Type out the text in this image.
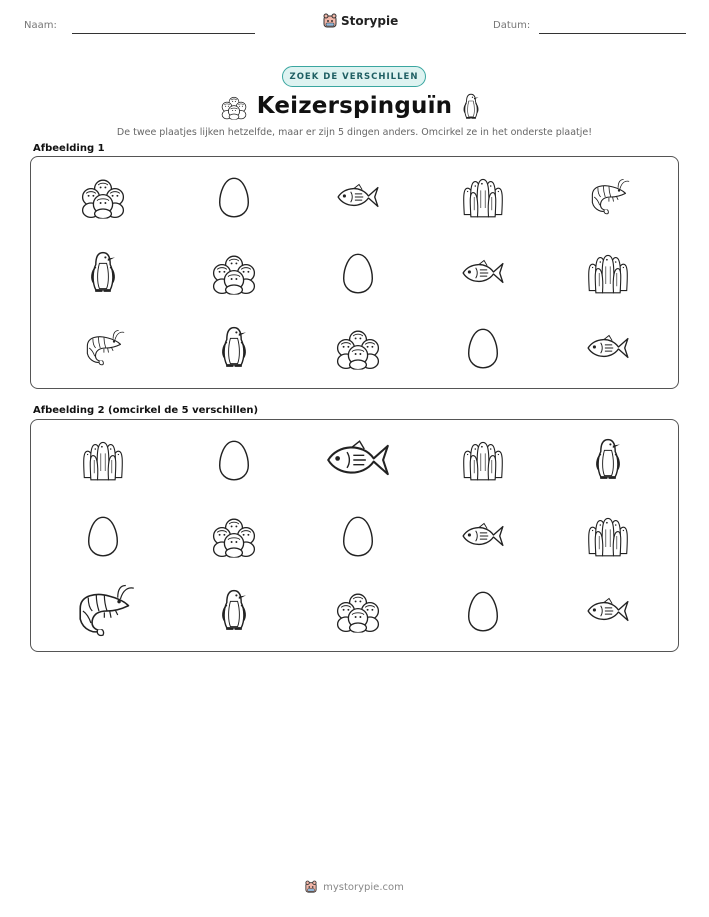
Naam:	Storypie	Datum:
ZOEK DE VERSCHILLEN
Keizerspinguïn
De twee plaatjes lijken hetzelfde, maar er zijn 5 dingen anders. Omcirkel ze in het onderste plaatje!
Afbeelding 1
Afbeelding 2 (omcirkel de 5 verschillen)
mystorypie.com
